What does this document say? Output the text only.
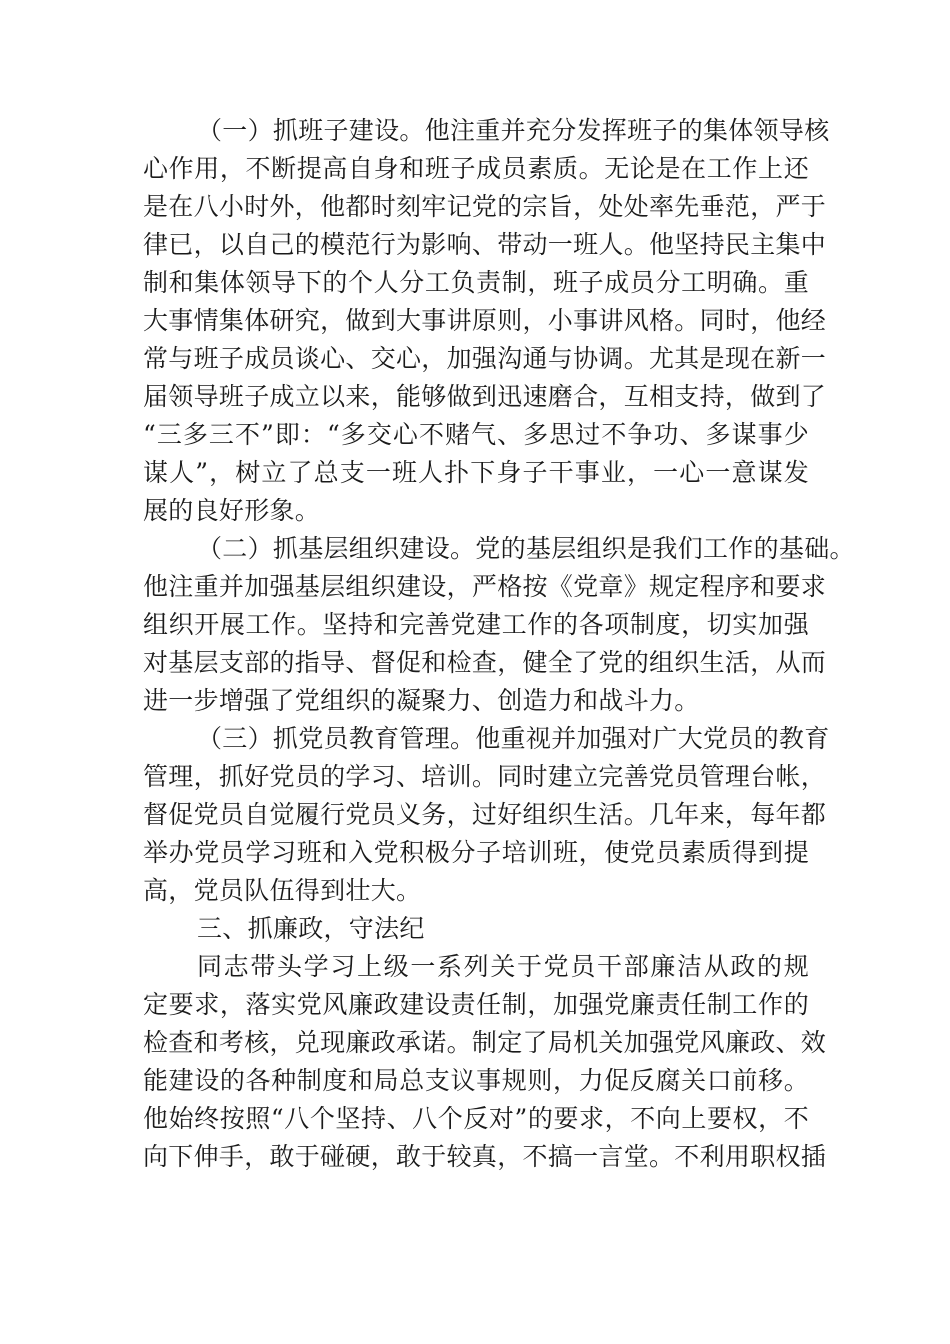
（一）抓班子建设。他注重并充分发挥班子的集体领导核
心作用，不断提高自身和班子成员素质。无论是在工作上还
是在八小时外，他都时刻牢记党的宗旨，处处率先垂范，严于
律已，以自己的模范行为影响、带动一班人。他坚持民主集中
制和集体领导下的个人分工负责制，班子成员分工明确。重
大事情集体研究，做到大事讲原则，小事讲风格。同时，他经
常与班子成员谈心、交心，加强沟通与协调。尤其是现在新一
届领导班子成立以来，能够做到迅速磨合，互相支持，做到了
“三多三不”即：“多交心不赌气、多思过不争功、多谋事少
谋人”，树立了总支一班人扑下身子干事业，一心一意谋发
展的良好形象。
（二）抓基层组织建设。党的基层组织是我们工作的基础。
他注重并加强基层组织建设，严格按《党章》规定程序和要求
组织开展工作。坚持和完善党建工作的各项制度，切实加强
对基层支部的指导、督促和检查，健全了党的组织生活，从而
进一步增强了党组织的凝聚力、创造力和战斗力。
（三）抓党员教育管理。他重视并加强对广大党员的教育
管理，抓好党员的学习、培训。同时建立完善党员管理台帐，
督促党员自觉履行党员义务，过好组织生活。几年来，每年都
举办党员学习班和入党积极分子培训班，使党员素质得到提
高，党员队伍得到壮大。
三、抓廉政，守法纪
同志带头学习上级一系列关于党员干部廉洁从政的规
定要求，落实党风廉政建设责任制，加强党廉责任制工作的
检查和考核，兑现廉政承诺。制定了局机关加强党风廉政、效
能建设的各种制度和局总支议事规则，力促反腐关口前移。
他始终按照“八个坚持、八个反对”的要求，不向上要权，不
向下伸手，敢于碰硬，敢于较真，不搞一言堂。不利用职权插
